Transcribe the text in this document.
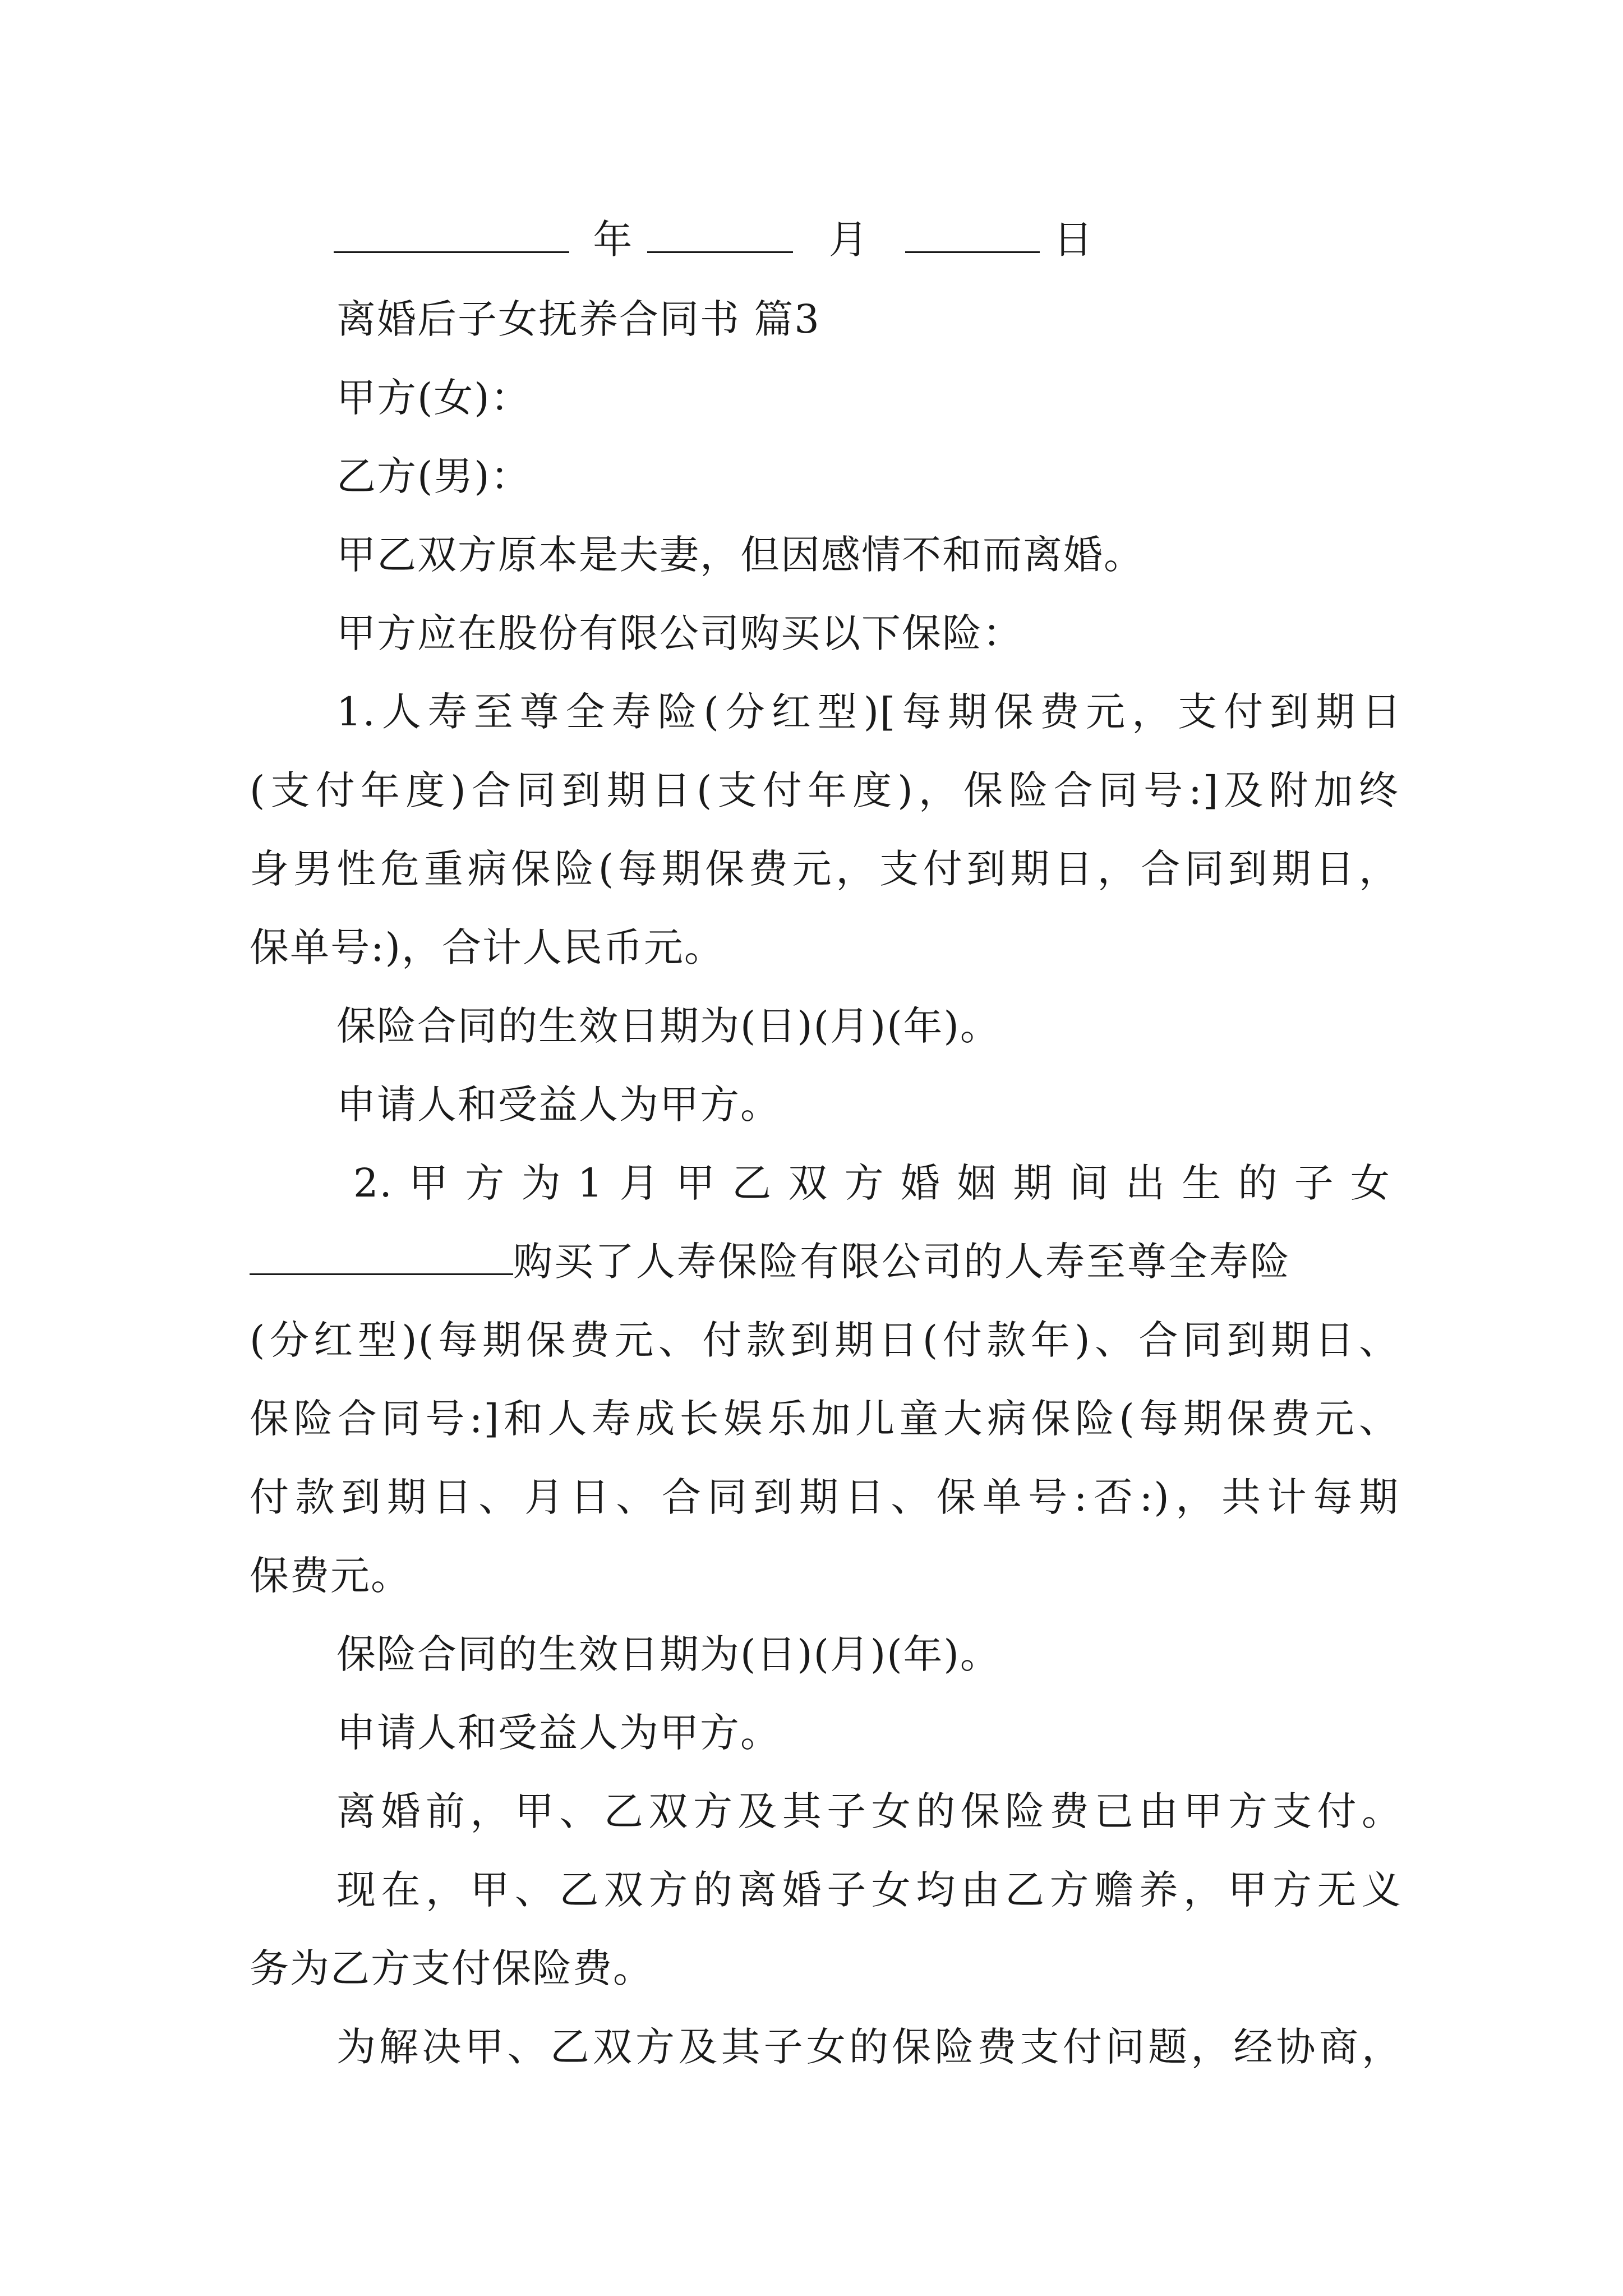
年	月	日
离婚后子女抚养合同书 篇3
甲方(女)：
乙方(男)：
甲乙双方原本是夫妻，但因感情不和而离婚。
甲方应在股份有限公司购买以下保险：
1.人寿至尊全寿险(分红型)[每期保费元，支付到期日
(支付年度)合同到期日(支付年度)，保险合同号:]及附加终
身男性危重病保险(每期保费元，支付到期日，合同到期日，
保单号:)，合计人民币元。
保险合同的生效日期为(日)(月)(年)。
申请人和受益人为甲方。
2.甲方为1月甲乙双方婚姻期间出生的子女
购买了人寿保险有限公司的人寿至尊全寿险
(分红型)(每期保费元、付款到期日(付款年)、合同到期日、
保险合同号:]和人寿成长娱乐加儿童大病保险(每期保费元、
付款到期日、月日、合同到期日、保单号:否:)，共计每期
保费元。
保险合同的生效日期为(日)(月)(年)。
申请人和受益人为甲方。
离婚前，甲、乙双方及其子女的保险费已由甲方支付。
现在，甲、乙双方的离婚子女均由乙方赡养，甲方无义
务为乙方支付保险费。
为解决甲、乙双方及其子女的保险费支付问题，经协商，
